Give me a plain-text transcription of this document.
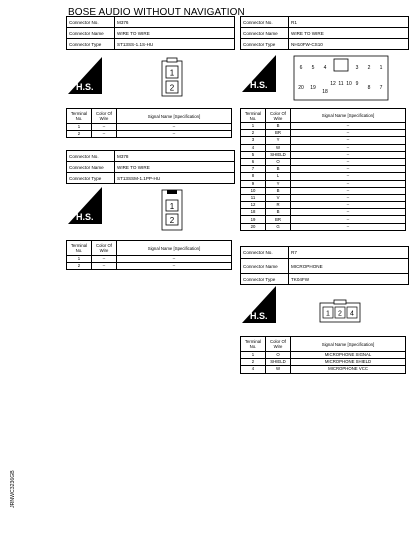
BOSE AUDIO WITHOUT NAVIGATION
Connector No.	M376
Connector Name	WIRE TO WIRE
Connector Type	ST13SS-1.1S-HU
H.S.
1
2
Terminal No.	Color Of Wire	Signal Name [Specification]
1	–	–
2	–	–
Connector No.	M378
Connector Name	WIRE TO WIRE
Connector Type	ST13SSM-1.1PP-HU
H.S.
1
2
Terminal No.	Color Of Wire	Signal Name [Specification]
1	–	–
2	–	–
Connector No.	R1
Connector Name	WIRE TO WIRE
Connector Type	NH10FW-CS10
H.S.
6 5 4	3 2 1
20 19
18
12 11 10 9
8 7
Terminal No.	Color Of Wire	Signal Name [Specification]
1	B	–
2	BR	–
3	Y	–
4	W	–
5	SHIELD	–
6	O	–
7	B	–
8	L	–
9	Y	–
10	B	–
11	V	–
12	R	–
18	B	–
19	BR	–
20	G	–
Connector No.	R7
Connector Name	MICROPHONE
Connector Type	TK04FW
H.S.	1 2 4
Terminal No.	Color Of Wire	Signal Name [Specification]
1	O	MICROPHONE SIGNAL
2	SHIELD	MICROPHONE SHIELD
4	W	MICROPHONE VCC
JRNWC3236GB
